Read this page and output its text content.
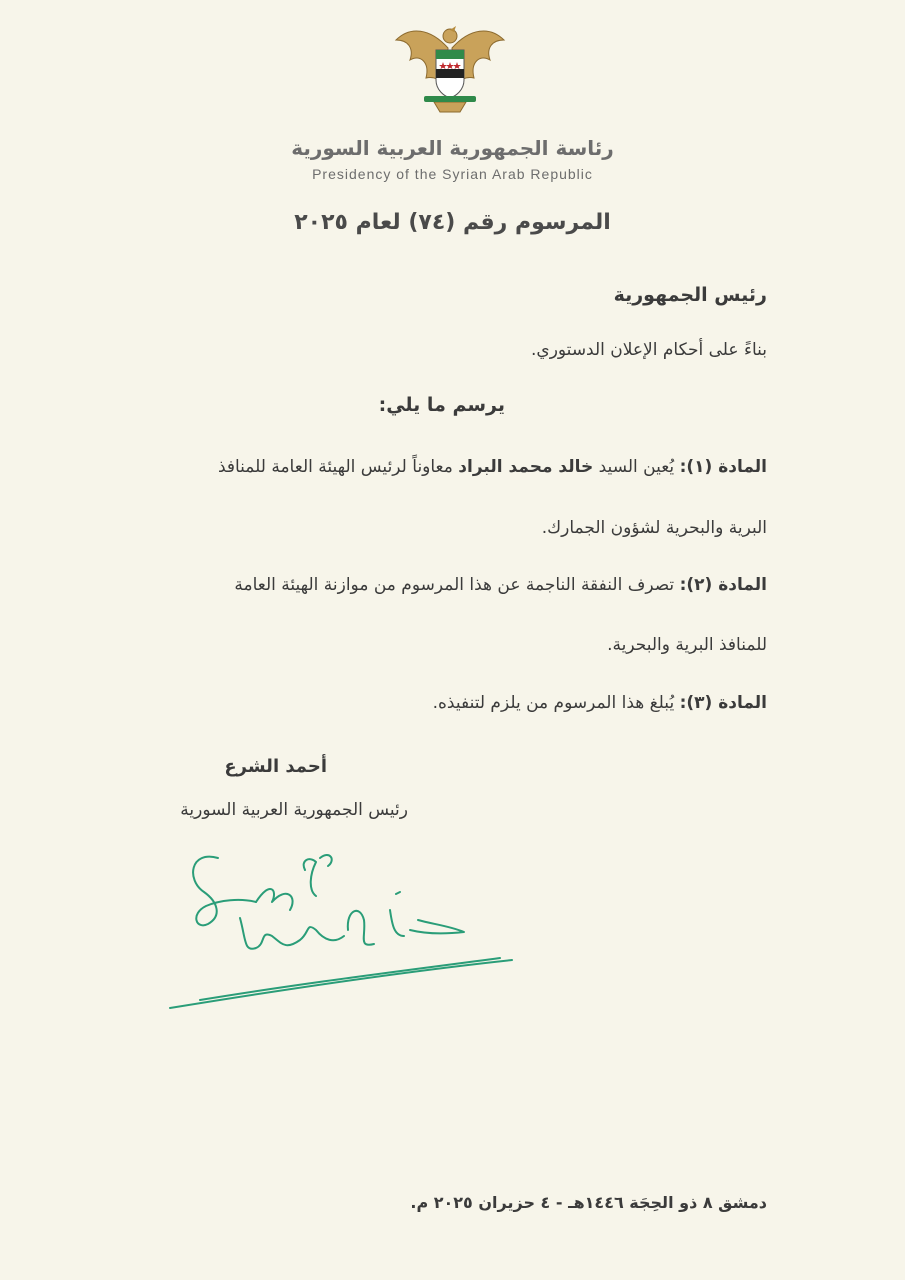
رئاسة الجمهورية العربية السورية
Presidency of the Syrian Arab Republic
المرسوم رقم (٧٤) لعام ٢٠٢٥
رئيس الجمهورية
بناءً على أحكام الإعلان الدستوري.
يرسم ما يلي:
المادة (١): يُعين السيد خالد محمد البراد معاوناً لرئيس الهيئة العامة للمنافذ
البرية والبحرية لشؤون الجمارك.
المادة (٢): تصرف النفقة الناجمة عن هذا المرسوم من موازنة الهيئة العامة
للمنافذ البرية والبحرية.
المادة (٣): يُبلغ هذا المرسوم من يلزم لتنفيذه.
أحمد الشرع
رئيس الجمهورية العربية السورية
دمشق ٨ ذو الحِجَة ١٤٤٦هـ - ٤ حزيران ٢٠٢٥ م.
